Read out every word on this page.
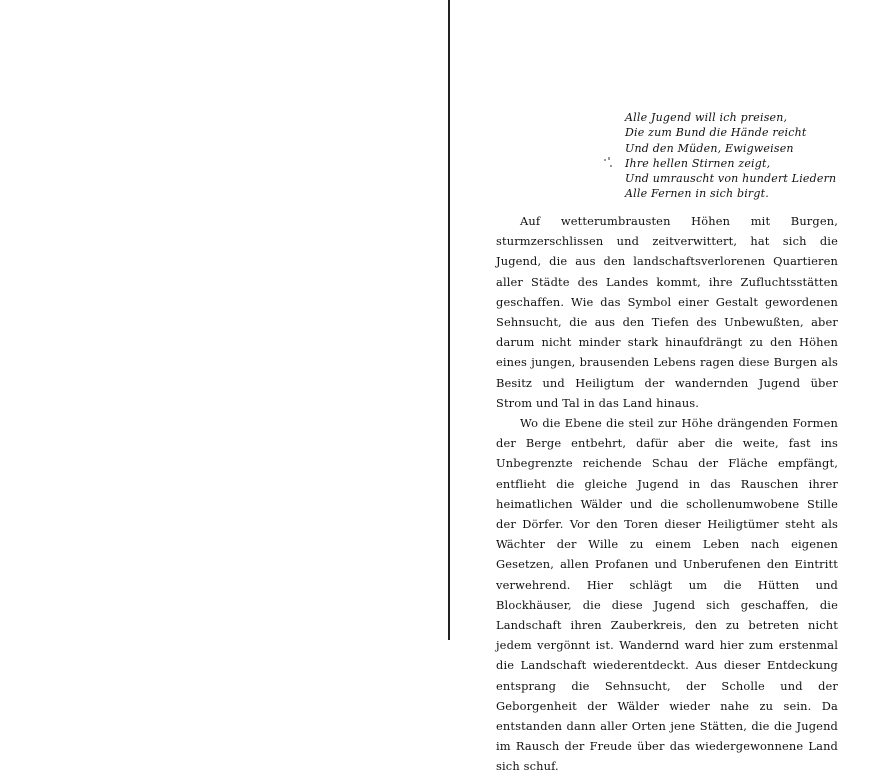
Alle Jugend will ich preisen,
Die zum Bund die Hände reicht
Und den Müden, Ewigweisen
Ihre hellen Stirnen zeigt,
Und umrauscht von hundert Liedern
Alle Fernen in sich birgt.

Auf wetterumbrausten Höhen mit Burgen, sturmzerschlissen und zeitverwittert, hat sich die Jugend, die aus den landschaftsverlorenen Quartieren aller Städte des Landes kommt, ihre Zufluchtsstätten geschaffen. Wie das Symbol einer Gestalt gewordenen Sehnsucht, die aus den Tiefen des Unbewußten, aber darum nicht minder stark hinaufdrängt zu den Höhen eines jungen, brausenden Lebens ragen diese Burgen als Besitz und Heiligtum der wandernden Jugend über Strom und Tal in das Land hinaus.

Wo die Ebene die steil zur Höhe drängenden Formen der Berge entbehrt, dafür aber die weite, fast ins Unbegrenzte reichende Schau der Fläche empfängt, entflieht die gleiche Jugend in das Rauschen ihrer heimatlichen Wälder und die schollenumwobene Stille der Dörfer. Vor den Toren dieser Heiligtümer steht als Wächter der Wille zu einem Leben nach eigenen Gesetzen, allen Profanen und Unberufenen den Eintritt verwehrend. Hier schlägt um die Hütten und Blockhäuser, die diese Jugend sich geschaffen, die Landschaft ihren Zauberkreis, den zu betreten nicht jedem vergönnt ist. Wandernd ward hier zum erstenmal die Landschaft wiederentdeckt. Aus dieser Entdeckung entsprang die Sehnsucht, der Scholle und der Geborgenheit der Wälder wieder nahe zu sein. Da entstanden dann aller Orten jene Stätten, die die Jugend im Rausch der Freude über das wiedergewonnene Land sich schuf.
